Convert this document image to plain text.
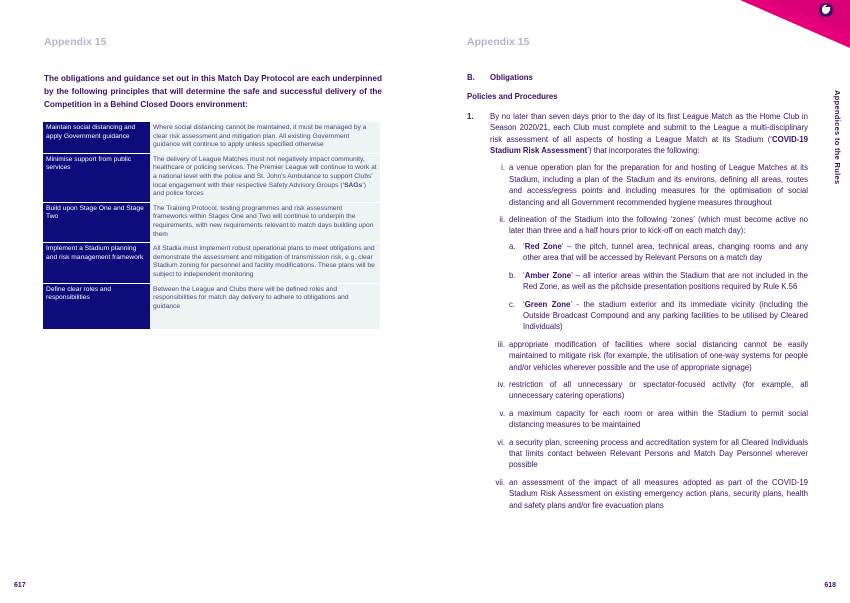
Appendix 15
The obligations and guidance set out in this Match Day Protocol are each underpinned by the following principles that will determine the safe and successful delivery of the Competition in a Behind Closed Doors environment:
Maintain social distancing and apply Government guidance	Where social distancing cannot be maintained, it must be managed by a clear risk assessment and mitigation plan. All existing Government guidance will continue to apply unless specified otherwise
Minimise support from public services	The delivery of League Matches must not negatively impact community, healthcare or policing services. The Premier League will continue to work at a national level with the police and St. John's Ambulance to support Clubs' local engagement with their respective Safety Advisory Groups (‘SAGs’) and police forces
Build upon Stage One and Stage Two	The Training Protocol, testing programmes and risk assessment frameworks within Stages One and Two will continue to underpin the requirements, with new requirements relevant to match days building upon them
Implement a Stadium planning and risk management framework	All Stadia must implement robust operational plans to meet obligations and demonstrate the assessment and mitigation of transmission risk, e.g. clear Stadium zoning for personnel and facility modifications. These plans will be subject to independent monitoring
Define clear roles and responsibilities	Between the League and Clubs there will be defined roles and responsibilities for match day delivery to adhere to obligations and guidance
617
Appendix 15
Appendices to the Rules
B.	Obligations
Policies and Procedures
1.	By no later than seven days prior to the day of its first League Match as the Home Club in Season 2020/21, each Club must complete and submit to the League a multi-disciplinary risk assessment of all aspects of hosting a League Match at its Stadium (‘COVID-19 Stadium Risk Assessment’) that incorporates the following:
i. a venue operation plan for the preparation for and hosting of League Matches at its Stadium, including a plan of the Stadium and its environs, defining all areas, routes and access/egress points and including measures for the optimisation of social distancing and all Government recommended hygiene measures throughout
ii. delineation of the Stadium into the following ‘zones’ (which must become active no later than three and a half hours prior to kick-off on each match day):
a. ‘Red Zone’ – the pitch, tunnel area, technical areas, changing rooms and any other area that will be accessed by Relevant Persons on a match day
b. ‘Amber Zone’ – all interior areas within the Stadium that are not included in the Red Zone, as well as the pitchside presentation positions required by Rule K.56
c.	‘Green Zone’ - the stadium exterior and its immediate vicinity (including the Outside Broadcast Compound and any parking facilities to be utilised by Cleared Individuals)
iii. appropriate modification of facilities where social distancing cannot be easily maintained to mitigate risk (for example, the utilisation of one-way systems for people and/or vehicles wherever possible and the use of appropriate signage)
iv. restriction of all unnecessary or spectator-focused activity (for example, all unnecessary catering operations)
v. a maximum capacity for each room or area within the Stadium to permit social distancing measures to be maintained
vi. a security plan, screening process and accreditation system for all Cleared Individuals that limits contact between Relevant Persons and Match Day Personnel wherever possible
vii. an assessment of the impact of all measures adopted as part of the COVID-19 Stadium Risk Assessment on existing emergency action plans, security plans, health and safety plans and/or fire evacuation plans
618
